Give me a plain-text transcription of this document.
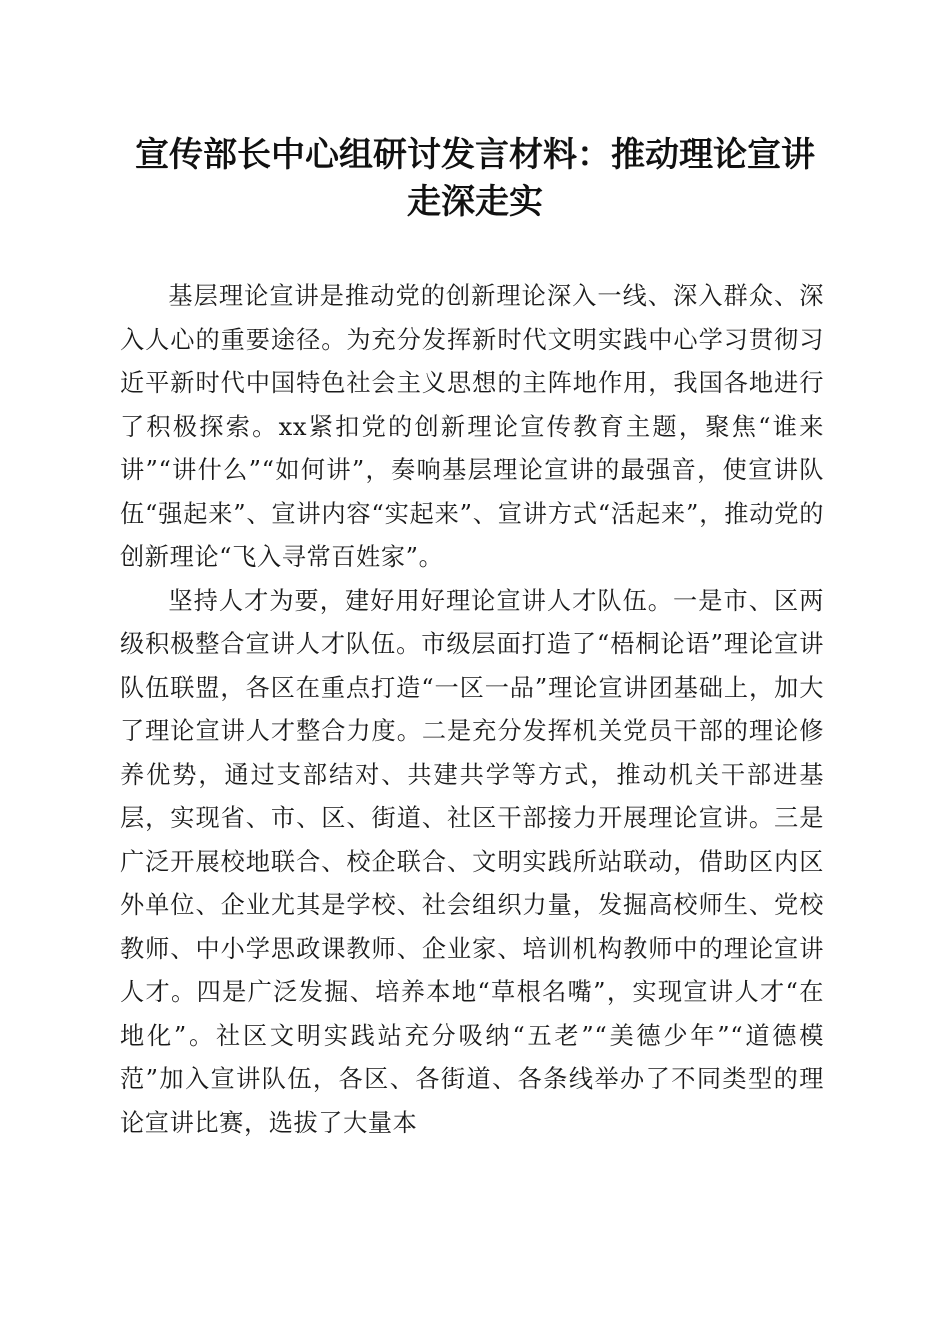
宣传部长中心组研讨发言材料：推动理论宣讲
走深走实

基层理论宣讲是推动党的创新理论深入一线、深入群众、深入人心的重要途径。为充分发挥新时代文明实践中心学习贯彻习近平新时代中国特色社会主义思想的主阵地作用，我国各地进行了积极探索。xx紧扣党的创新理论宣传教育主题，聚焦“谁来讲”“讲什么”“如何讲”，奏响基层理论宣讲的最强音，使宣讲队伍“强起来”、宣讲内容“实起来”、宣讲方式“活起来”，推动党的创新理论“飞入寻常百姓家”。

坚持人才为要，建好用好理论宣讲人才队伍。一是市、区两级积极整合宣讲人才队伍。市级层面打造了“梧桐论语”理论宣讲队伍联盟，各区在重点打造“一区一品”理论宣讲团基础上，加大了理论宣讲人才整合力度。二是充分发挥机关党员干部的理论修养优势，通过支部结对、共建共学等方式，推动机关干部进基层，实现省、市、区、街道、社区干部接力开展理论宣讲。三是广泛开展校地联合、校企联合、文明实践所站联动，借助区内区外单位、企业尤其是学校、社会组织力量，发掘高校师生、党校教师、中小学思政课教师、企业家、培训机构教师中的理论宣讲人才。四是广泛发掘、培养本地“草根名嘴”，实现宣讲人才“在地化”。社区文明实践站充分吸纳“五老”“美德少年”“道德模范”加入宣讲队伍，各区、各街道、各条线举办了不同类型的理论宣讲比赛，选拔了大量本
